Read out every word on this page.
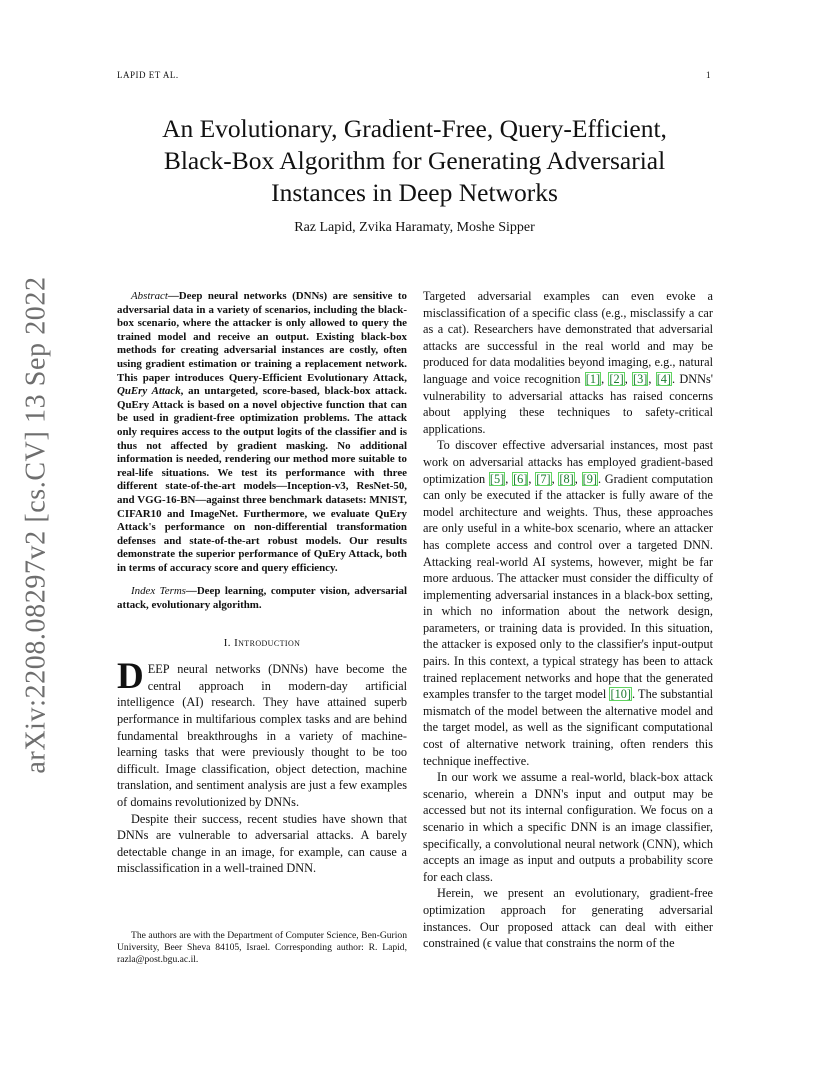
LAPID ET AL.	1
An Evolutionary, Gradient-Free, Query-Efficient,
Black-Box Algorithm for Generating Adversarial
Instances in Deep Networks
Raz Lapid, Zvika Haramaty, Moshe Sipper
arXiv:2208.08297v2 [cs.CV] 13 Sep 2022	Abstract—Deep neural networks (DNNs) are sensitive to adversarial data in a variety of scenarios, including the black-box scenario, where the attacker is only allowed to query the trained model and receive an output. Existing black-box methods for creating adversarial instances are costly, often using gradient estimation or training a replacement network. This paper introduces Query-Efficient Evolutionary Attack, QuEry Attack, an untargeted, score-based, black-box attack. QuEry Attack is based on a novel objective function that can be used in gradient-free optimization problems. The attack only requires access to the output logits of the classifier and is thus not affected by gradient masking. No additional information is needed, rendering our method more suitable to real-life situations. We test its performance with three different state-of-the-art models—Inception-v3, ResNet-50, and VGG-16-BN—against three benchmark datasets: MNIST, CIFAR10 and ImageNet. Furthermore, we evaluate QuEry Attack's performance on non-differential transformation defenses and state-of-the-art robust models. Our results demonstrate the superior performance of QuEry Attack, both in terms of accuracy score and query efficiency.

Index Terms—Deep learning, computer vision, adversarial attack, evolutionary algorithm.

I. Introduction

DEEP neural networks (DNNs) have become the central approach in modern-day artificial intelligence (AI) research. They have attained superb performance in multifarious complex tasks and are behind fundamental breakthroughs in a variety of machine-learning tasks that were previously thought to be too difficult. Image classification, object detection, machine translation, and sentiment analysis are just a few examples of domains revolutionized by DNNs.

Despite their success, recent studies have shown that DNNs are vulnerable to adversarial attacks. A barely detectable change in an image, for example, can cause a misclassification in a well-trained DNN.

The authors are with the Department of Computer Science, Ben-Gurion University, Beer Sheva 84105, Israel. Corresponding author: R. Lapid, razla@post.bgu.ac.il.

Targeted adversarial examples can even evoke a misclassification of a specific class (e.g., misclassify a car as a cat). Researchers have demonstrated that adversarial attacks are successful in the real world and may be produced for data modalities beyond imaging, e.g., natural language and voice recognition [1], [2], [3], [4]. DNNs' vulnerability to adversarial attacks has raised concerns about applying these techniques to safety-critical applications.

To discover effective adversarial instances, most past work on adversarial attacks has employed gradient-based optimization [5], [6], [7], [8], [9]. Gradient computation can only be executed if the attacker is fully aware of the model architecture and weights. Thus, these approaches are only useful in a white-box scenario, where an attacker has complete access and control over a targeted DNN. Attacking real-world AI systems, however, might be far more arduous. The attacker must consider the difficulty of implementing adversarial instances in a black-box setting, in which no information about the network design, parameters, or training data is provided. In this situation, the attacker is exposed only to the classifier's input-output pairs. In this context, a typical strategy has been to attack trained replacement networks and hope that the generated examples transfer to the target model [10]. The substantial mismatch of the model between the alternative model and the target model, as well as the significant computational cost of alternative network training, often renders this technique ineffective.

In our work we assume a real-world, black-box attack scenario, wherein a DNN's input and output may be accessed but not its internal configuration. We focus on a scenario in which a specific DNN is an image classifier, specifically, a convolutional neural network (CNN), which accepts an image as input and outputs a probability score for each class.

Herein, we present an evolutionary, gradient-free optimization approach for generating adversarial instances. Our proposed attack can deal with either constrained (ϵ value that constrains the norm of the
